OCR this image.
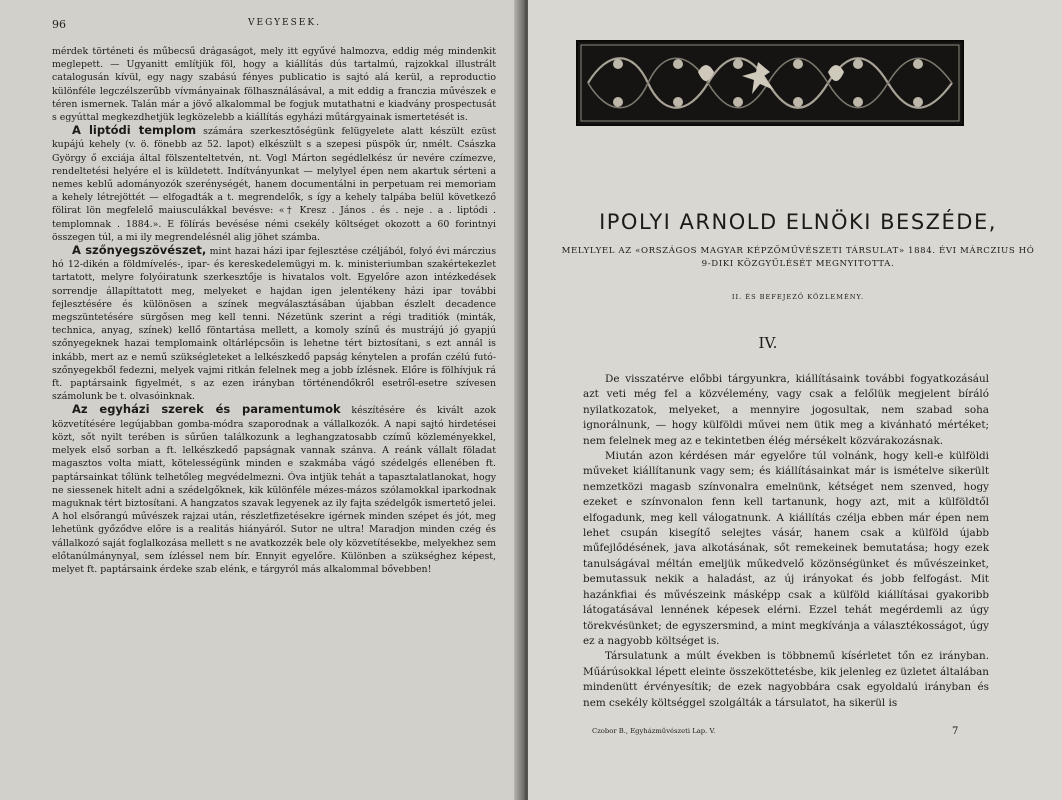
96	VEGYESEK.

mérdek történeti és műbecsű drágaságot, mely itt egyűvé halmozva, eddig még mindenkit meglepett. — Ugyanitt említjük föl, hogy a kiállítás dús tartalmú, rajzokkal illustrált catalogusán kívül, egy nagy szabású fényes publicatio is sajtó alá kerül, a reproductio különféle legczélszerűbb vívmányainak fölhasználásával, a mit eddig a franczia művészek e téren ismernek. Talán már a jövő alkalommal be fogjuk mutathatni e kiadvány prospectusát s egyúttal megkezdhetjük legközelebb a kiállítás egyházi műtárgyainak ismertetését is.

A liptódi templom számára szerkesztőségünk felügyelete alatt készült ezüst kupájú kehely (v. ö. fönebb az 52. lapot) elkészült s a szepesi püspök úr, nmélt. Császka György ő exciája által fölszenteltetvén, nt. Vogl Márton segédlelkész úr nevére czímezve, rendeltetési helyére el is küldetett. Indítványunkat — melylyel épen nem akartuk sérteni a nemes keblű adományozók szerénységét, hanem documentálni in perpetuam rei memoriam a kehely létrejöttét — elfogadták a t. megrendelők, s így a kehely talpába belül következő fölirat lön megfelelő maiusculákkal bevésve: «† Kresz . János . és . neje . a . liptódi . templomnak . 1884.». E fölírás bevésése némi csekély költséget okozott a 60 forintnyi összegen túl, a mi ily megrendelésnél alig jöhet számba.

A szőnyegszövészet, mint hazai házi ipar fejlesztése czéljából, folyó évi márczius hó 12-dikén a földmívelés-, ipar- és kereskedelemügyi m. k. ministeriumban szakértekezlet tartatott, melyre folyóiratunk szerkesztője is hivatalos volt. Egyelőre azon intézkedések sorrendje állapíttatott meg, melyeket e hajdan igen jelentékeny házi ipar további fejlesztésére és különösen a színek megválasztásában újabban észlelt decadence megszüntetésére sürgősen meg kell tenni. Nézetünk szerint a régi traditiók (minták, technica, anyag, színek) kellő föntartása mellett, a komoly színű és mustrájú jó gyapjú szőnyegeknek hazai templomaink oltárlépcsőin is lehetne tért biztosítani, s ezt annál is inkább, mert az e nemű szükségleteket a lelkészkedő papság kénytelen a profán czélú futó-szőnyegekből fedezni, melyek vajmi ritkán felelnek meg a jobb ízlésnek. Előre is fölhívjuk rá ft. paptársaink figyelmét, s az ezen irányban történendőkről esetről-esetre szívesen számolunk be t. olvasóinknak.

Az egyházi szerek és paramentumok készítésére és kivált azok közvetítésére legújabban gomba-módra szaporodnak a vállalkozók. A napi sajtó hirdetései közt, sőt nyilt terében is sűrűen találkozunk a leghangzatosabb czímű közleményekkel, melyek első sorban a ft. lelkészkedő papságnak vannak szánva. A reánk vállalt föladat magasztos volta miatt, kötelességünk minden e szakmába vágó szédelgés ellenében ft. paptársainkat tőlünk telhetőleg megvédelmezni. Óva intjük tehát a tapasztalatlanokat, hogy ne siessenek hitelt adni a szédelgőknek, kik különféle mézes-mázos szólamokkal iparkodnak maguknak tért biztosítani. A hangzatos szavak legyenek az ily fajta szédelgők ismertető jelei. A hol elsőrangú művészek rajzai után, részletfizetésekre igérnek minden szépet és jót, meg lehetünk győződve előre is a realitás hiányáról. Sutor ne ultra! Maradjon minden czég és vállalkozó saját foglalkozása mellett s ne avatkozzék bele oly közvetítésekbe, melyekhez sem előtanúlmánynyal, sem ízléssel nem bír. Ennyit egyelőre. Különben a szükséghez képest, melyet ft. paptársaink érdeke szab elénk, e tárgyról más alkalommal bővebben!

IPOLYI ARNOLD ELNÖKI BESZÉDE,
MELYLYEL AZ «ORSZÁGOS MAGYAR KÉPZŐMŰVÉSZETI TÁRSULAT» 1884. ÉVI MÁRCZIUS HÓ 9-DIKI KÖZGYŰLÉSÉT MEGNYITOTTA.
II. ÉS BEFEJEZŐ KÖZLEMÉNY.
IV.

De visszatérve előbbi tárgyunkra, kiállításaink további fogyatkozásául azt veti még fel a közvélemény, vagy csak a felőlük megjelent bíráló nyilatkozatok, melyeket, a mennyire jogosultak, nem szabad soha ignorálnunk, — hogy külföldi művei nem ütik meg a kivánható mértéket; nem felelnek meg az e tekintetben élég mérsékelt közvárakozásnak.

Miután azon kérdésen már egyelőre túl volnánk, hogy kell-e külföldi műveket kiállítanunk vagy sem; és kiállításainkat már is ismételve sikerült nemzetközi magasb színvonalra emelnünk, kétséget nem szenved, hogy ezeket e színvonalon fenn kell tartanunk, hogy azt, mit a külföldtől elfogadunk, meg kell válogatnunk. A kiállítás czélja ebben már épen nem lehet csupán kisegítő selejtes vásár, hanem csak a külföld újabb műfejlődésének, java alkotásának, sőt remekeinek bemutatása; hogy ezek tanulságával méltán emeljük műkedvelő közönségünket és művészeinket, bemutassuk nekik a haladást, az új irányokat és jobb felfogást. Mit hazánkfiai és művészeink másképp csak a külföld kiállításai gyakoribb látogatásával lennének képesek elérni. Ezzel tehát megérdemli az úgy törekvésünket; de egyszersmind, a mint megkívánja a választékosságot, úgy ez a nagyobb költséget is.

Társulatunk a múlt években is többnemű kísérletet tőn ez irányban. Műárúsokkal lépett eleinte összeköttetésbe, kik jelenleg ez üzletet általában mindenütt érvényesítik; de ezek nagyobbára csak egyoldalú irányban és nem csekély költséggel szolgálták a társulatot, ha sikerül is

Czobor B., Egyházművészeti Lap. V.	7
